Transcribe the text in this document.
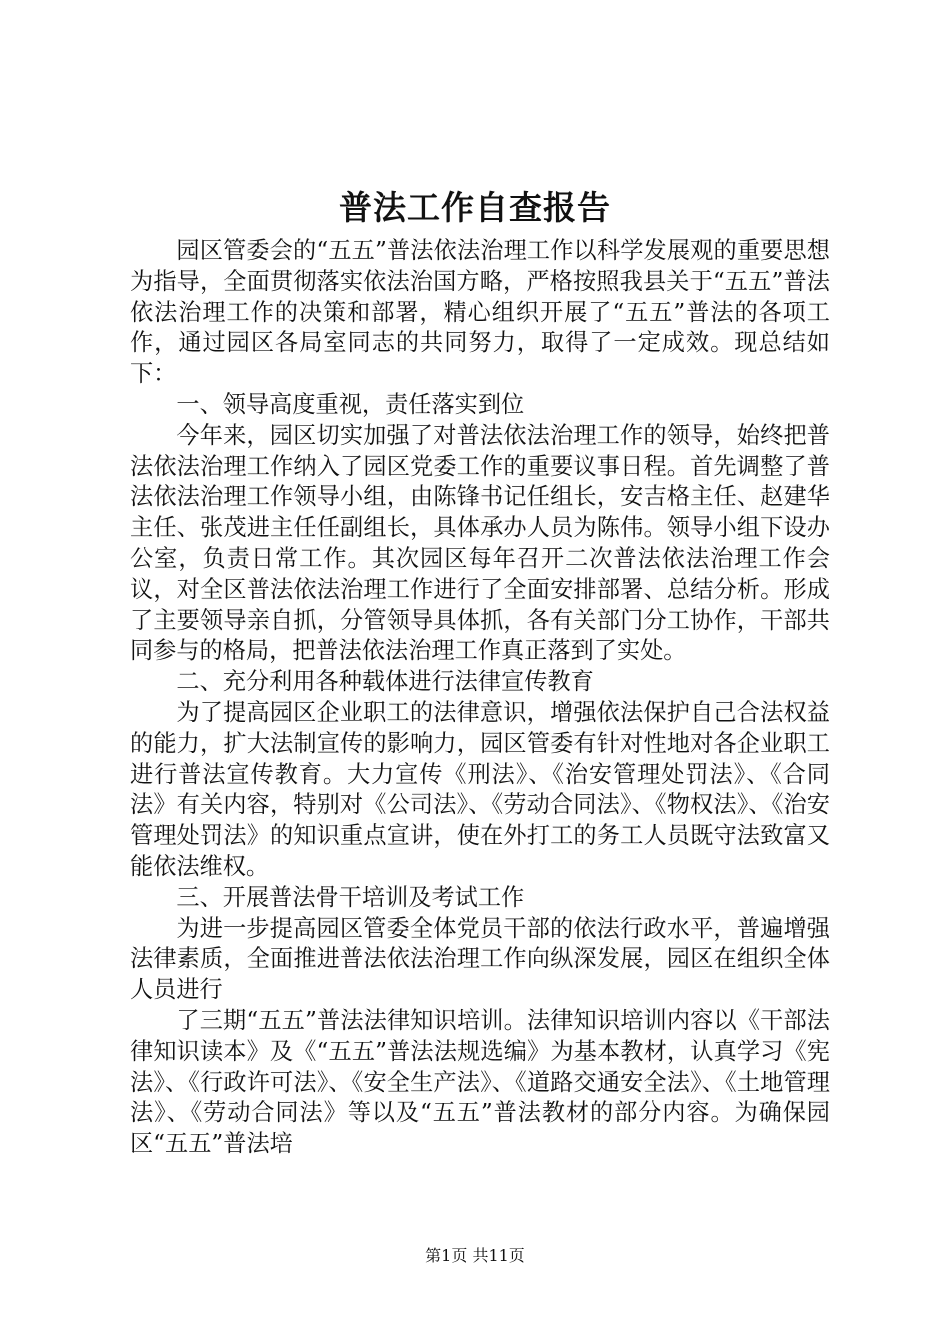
普法工作自查报告

园区管委会的“五五”普法依法治理工作以科学发展观的重要思想为指导，全面贯彻落实依法治国方略，严格按照我县关于“五五”普法依法治理工作的决策和部署，精心组织开展了“五五”普法的各项工作，通过园区各局室同志的共同努力，取得了一定成效。现总结如下：

一、领导高度重视，责任落实到位

今年来，园区切实加强了对普法依法治理工作的领导，始终把普法依法治理工作纳入了园区党委工作的重要议事日程。首先调整了普法依法治理工作领导小组，由陈锋书记任组长，安吉格主任、赵建华主任、张茂进主任任副组长，具体承办人员为陈伟。领导小组下设办公室，负责日常工作。其次园区每年召开二次普法依法治理工作会议，对全区普法依法治理工作进行了全面安排部署、总结分析。形成了主要领导亲自抓，分管领导具体抓，各有关部门分工协作，干部共同参与的格局，把普法依法治理工作真正落到了实处。

二、充分利用各种载体进行法律宣传教育

为了提高园区企业职工的法律意识，增强依法保护自己合法权益的能力，扩大法制宣传的影响力，园区管委有针对性地对各企业职工进行普法宣传教育。大力宣传《刑法》、《治安管理处罚法》、《合同法》有关内容，特别对《公司法》、《劳动合同法》、《物权法》、《治安管理处罚法》的知识重点宣讲，使在外打工的务工人员既守法致富又能依法维权。

三、开展普法骨干培训及考试工作

为进一步提高园区管委全体党员干部的依法行政水平，普遍增强法律素质，全面推进普法依法治理工作向纵深发展，园区在组织全体人员进行

了三期“五五”普法法律知识培训。法律知识培训内容以《干部法律知识读本》及《“五五”普法法规选编》为基本教材，认真学习《宪法》、《行政许可法》、《安全生产法》、《道路交通安全法》、《土地管理法》、《劳动合同法》等以及“五五”普法教材的部分内容。为确保园区“五五”普法培

第1页 共11页
